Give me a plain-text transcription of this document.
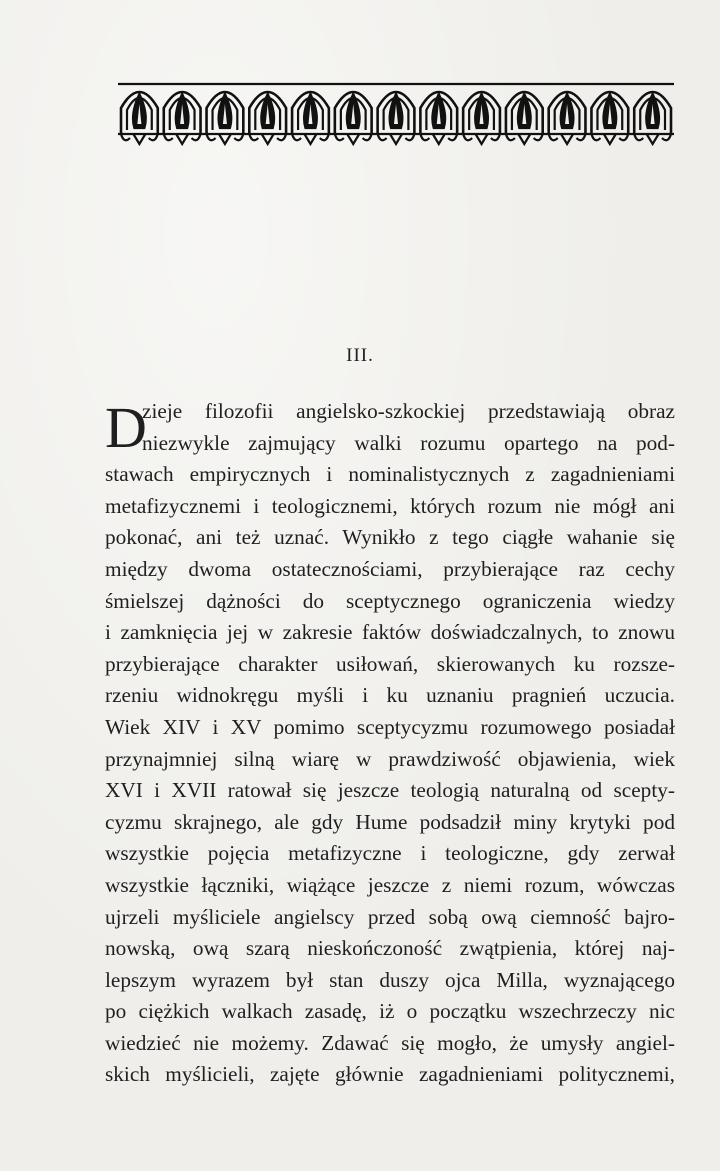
III.
D
zieje filozofii angielsko-szkockiej przedstawiają obraz
niezwykle zajmujący walki rozumu opartego na pod-
stawach empirycznych i nominalistycznych z zagadnieniami
metafizycznemi i teologicznemi, których rozum nie mógł ani
pokonać, ani też uznać. Wynikło z tego ciągłe wahanie się
między dwoma ostatecznościami, przybierające raz cechy
śmielszej dążności do sceptycznego ograniczenia wiedzy
i zamknięcia jej w zakresie faktów doświadczalnych, to znowu
przybierające charakter usiłowań, skierowanych ku rozsze-
rzeniu widnokręgu myśli i ku uznaniu pragnień uczucia.
Wiek XIV i XV pomimo sceptycyzmu rozumowego posiadał
przynajmniej silną wiarę w prawdziwość objawienia, wiek
XVI i XVII ratował się jeszcze teologią naturalną od scepty-
cyzmu skrajnego, ale gdy Hume podsadził miny krytyki pod
wszystkie pojęcia metafizyczne i teologiczne, gdy zerwał
wszystkie łączniki, wiążące jeszcze z niemi rozum, wówczas
ujrzeli myśliciele angielscy przed sobą ową ciemność bajro-
nowską, ową szarą nieskończoność zwątpienia, której naj-
lepszym wyrazem był stan duszy ojca Milla, wyznającego
po ciężkich walkach zasadę, iż o początku wszechrzeczy nic
wiedzieć nie możemy. Zdawać się mogło, że umysły angiel-
skich myślicieli, zajęte głównie zagadnieniami politycznemi,
